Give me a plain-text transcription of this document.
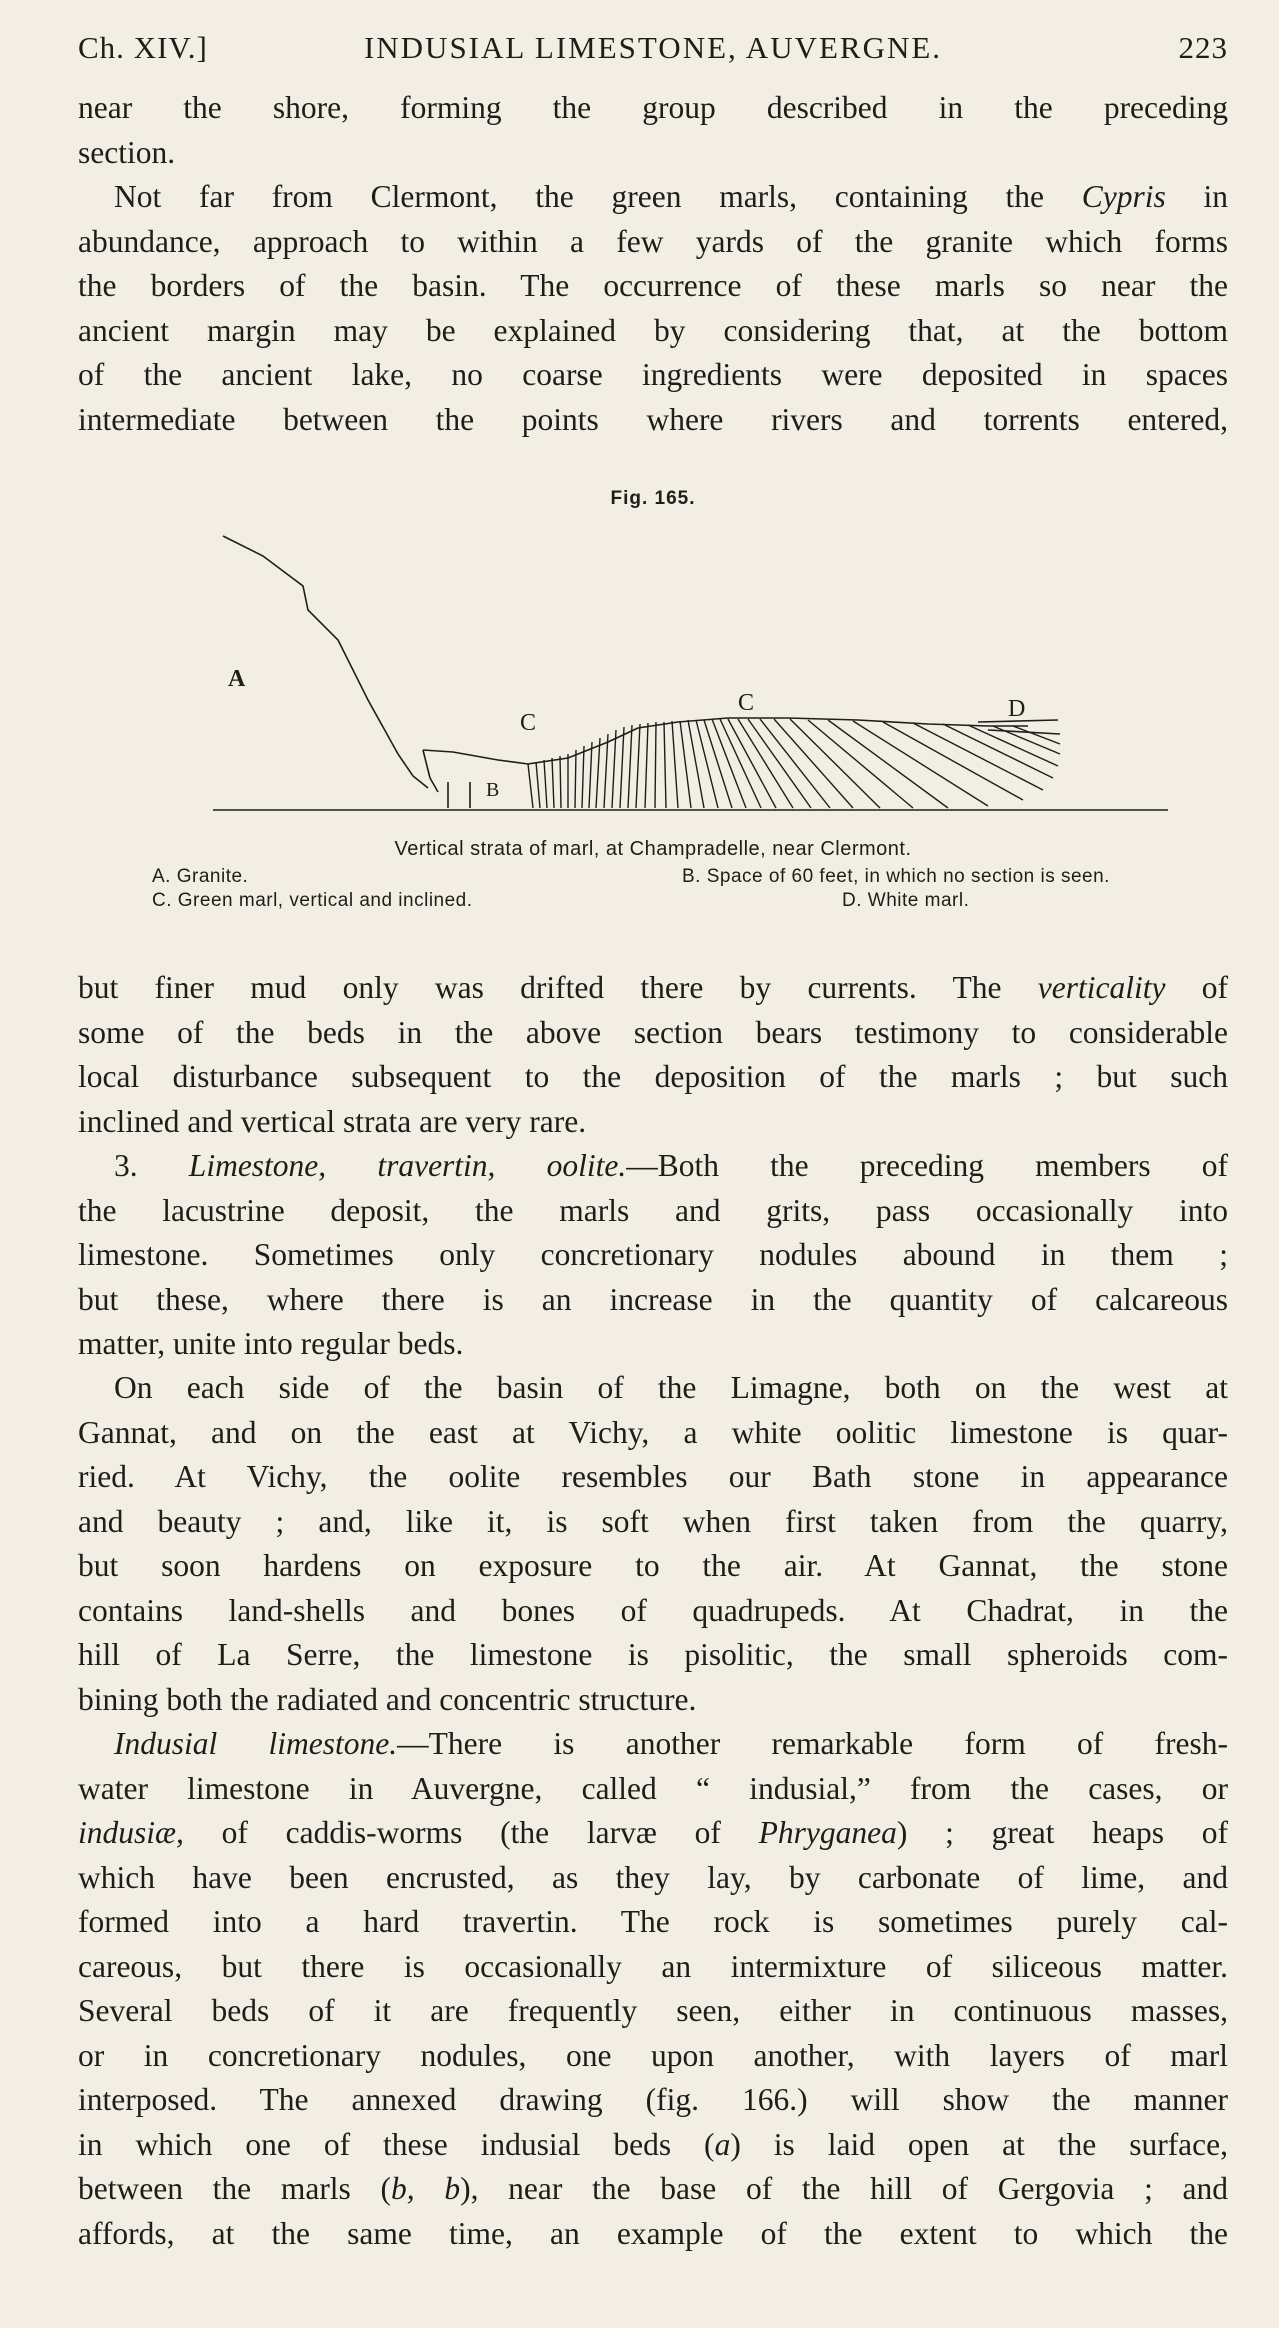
Ch. XIV.]	INDUSIAL LIMESTONE, AUVERGNE.	223
near the shore, forming the group described in the preceding
section.
Not far from Clermont, the green marls, containing the Cypris in
abundance, approach to within a few yards of the granite which forms
the borders of the basin. The occurrence of these marls so near the
ancient margin may be explained by considering that, at the bottom
of the ancient lake, no coarse ingredients were deposited in spaces
intermediate between the points where rivers and torrents entered,
Fig. 165.
A
B
C
C	D
Vertical strata of marl, at Champradelle, near Clermont.
A. Granite.	B. Space of 60 feet, in which no section is seen.
C. Green marl, vertical and inclined.	D. White marl.
but finer mud only was drifted there by currents. The verticality of
some of the beds in the above section bears testimony to considerable
local disturbance subsequent to the deposition of the marls ; but such
inclined and vertical strata are very rare.
3. Limestone, travertin, oolite.—Both the preceding members of
the lacustrine deposit, the marls and grits, pass occasionally into
limestone. Sometimes only concretionary nodules abound in them ;
but these, where there is an increase in the quantity of calcareous
matter, unite into regular beds.
On each side of the basin of the Limagne, both on the west at
Gannat, and on the east at Vichy, a white oolitic limestone is quar-
ried. At Vichy, the oolite resembles our Bath stone in appearance
and beauty ; and, like it, is soft when first taken from the quarry,
but soon hardens on exposure to the air. At Gannat, the stone
contains land-shells and bones of quadrupeds. At Chadrat, in the
hill of La Serre, the limestone is pisolitic, the small spheroids com-
bining both the radiated and concentric structure.
Indusial limestone.—There is another remarkable form of fresh-
water limestone in Auvergne, called “ indusial,” from the cases, or
indusiæ, of caddis-worms (the larvæ of Phryganea) ; great heaps of
which have been encrusted, as they lay, by carbonate of lime, and
formed into a hard travertin. The rock is sometimes purely cal-
careous, but there is occasionally an intermixture of siliceous matter.
Several beds of it are frequently seen, either in continuous masses,
or in concretionary nodules, one upon another, with layers of marl
interposed. The annexed drawing (fig. 166.) will show the manner
in which one of these indusial beds (a) is laid open at the surface,
between the marls (b, b), near the base of the hill of Gergovia ; and
affords, at the same time, an example of the extent to which the
